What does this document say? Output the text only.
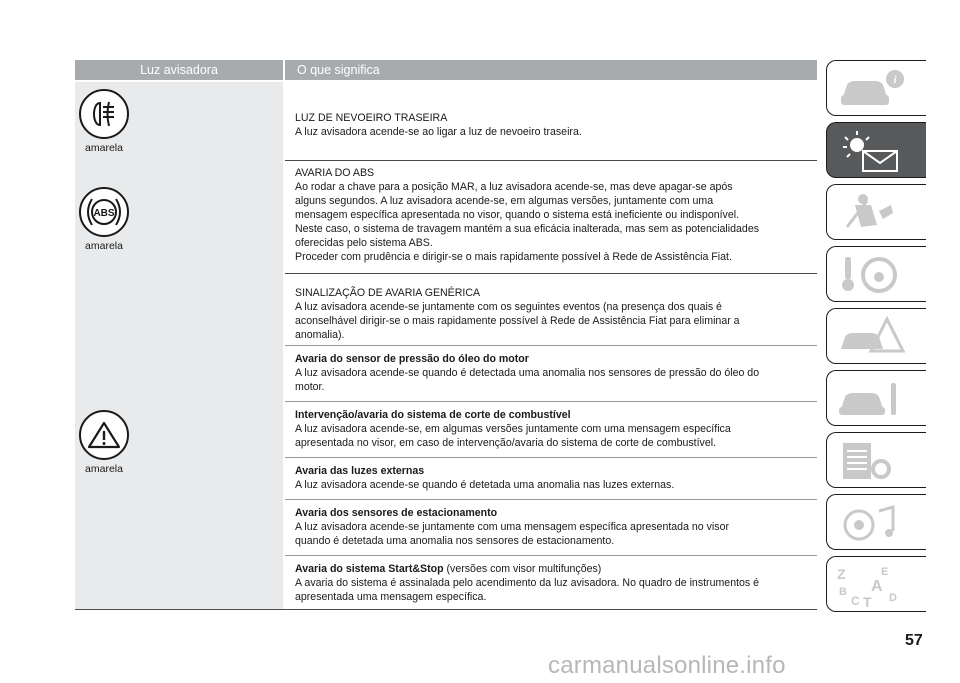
Luz avisadora	O que significa
amarela

LUZ DE NEVOEIRO TRASEIRA

A luz avisadora acende-se ao ligar a luz de nevoeiro traseira.

ABS
amarela

AVARIA DO ABS

Ao rodar a chave para a posição MAR, a luz avisadora acende-se, mas deve apagar-se após

alguns segundos. A luz avisadora acende-se, em algumas versões, juntamente com uma

mensagem específica apresentada no visor, quando o sistema está ineficiente ou indisponível.

Neste caso, o sistema de travagem mantém a sua eficácia inalterada, mas sem as potencialidades

oferecidas pelo sistema ABS.

Proceder com prudência e dirigir-se o mais rapidamente possível à Rede de Assistência Fiat.

amarela

SINALIZAÇÃO DE AVARIA GENÉRICA

A luz avisadora acende-se juntamente com os seguintes eventos (na presença dos quais é

aconselhável dirigir-se o mais rapidamente possível à Rede de Assistência Fiat para eliminar a

anomalia).

Avaria do sensor de pressão do óleo do motor

A luz avisadora acende-se quando é detectada uma anomalia nos sensores de pressão do óleo do

motor.

Intervenção/avaria do sistema de corte de combustível

A luz avisadora acende-se, em algumas versões juntamente com uma mensagem específica

apresentada no visor, em caso de intervenção/avaria do sistema de corte de combustível.

Avaria das luzes externas

A luz avisadora acende-se quando é detetada uma anomalia nas luzes externas.

Avaria dos sensores de estacionamento

A luz avisadora acende-se juntamente com uma mensagem específica apresentada no visor

quando é detetada uma anomalia nos sensores de estacionamento.

Avaria do sistema Start&Stop (versões com visor multifunções)

A avaria do sistema é assinalada pelo acendimento da luz avisadora. No quadro de instrumentos é

apresentada uma mensagem específica.

i
Z	E
A
B
C T D
57
carmanualsonline.info
